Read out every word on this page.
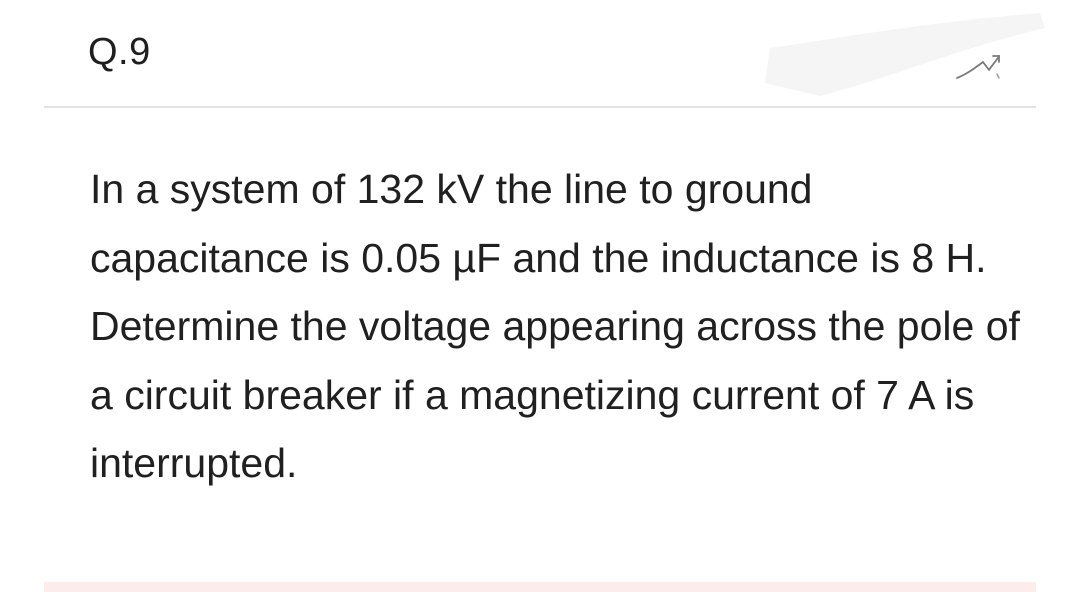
Q.9

In a system of 132 kV the line to ground capacitance is 0.05 µF and the inductance is 8 H. Determine the voltage appearing across the pole of a circuit breaker if a magnetizing current of 7 A is interrupted.
